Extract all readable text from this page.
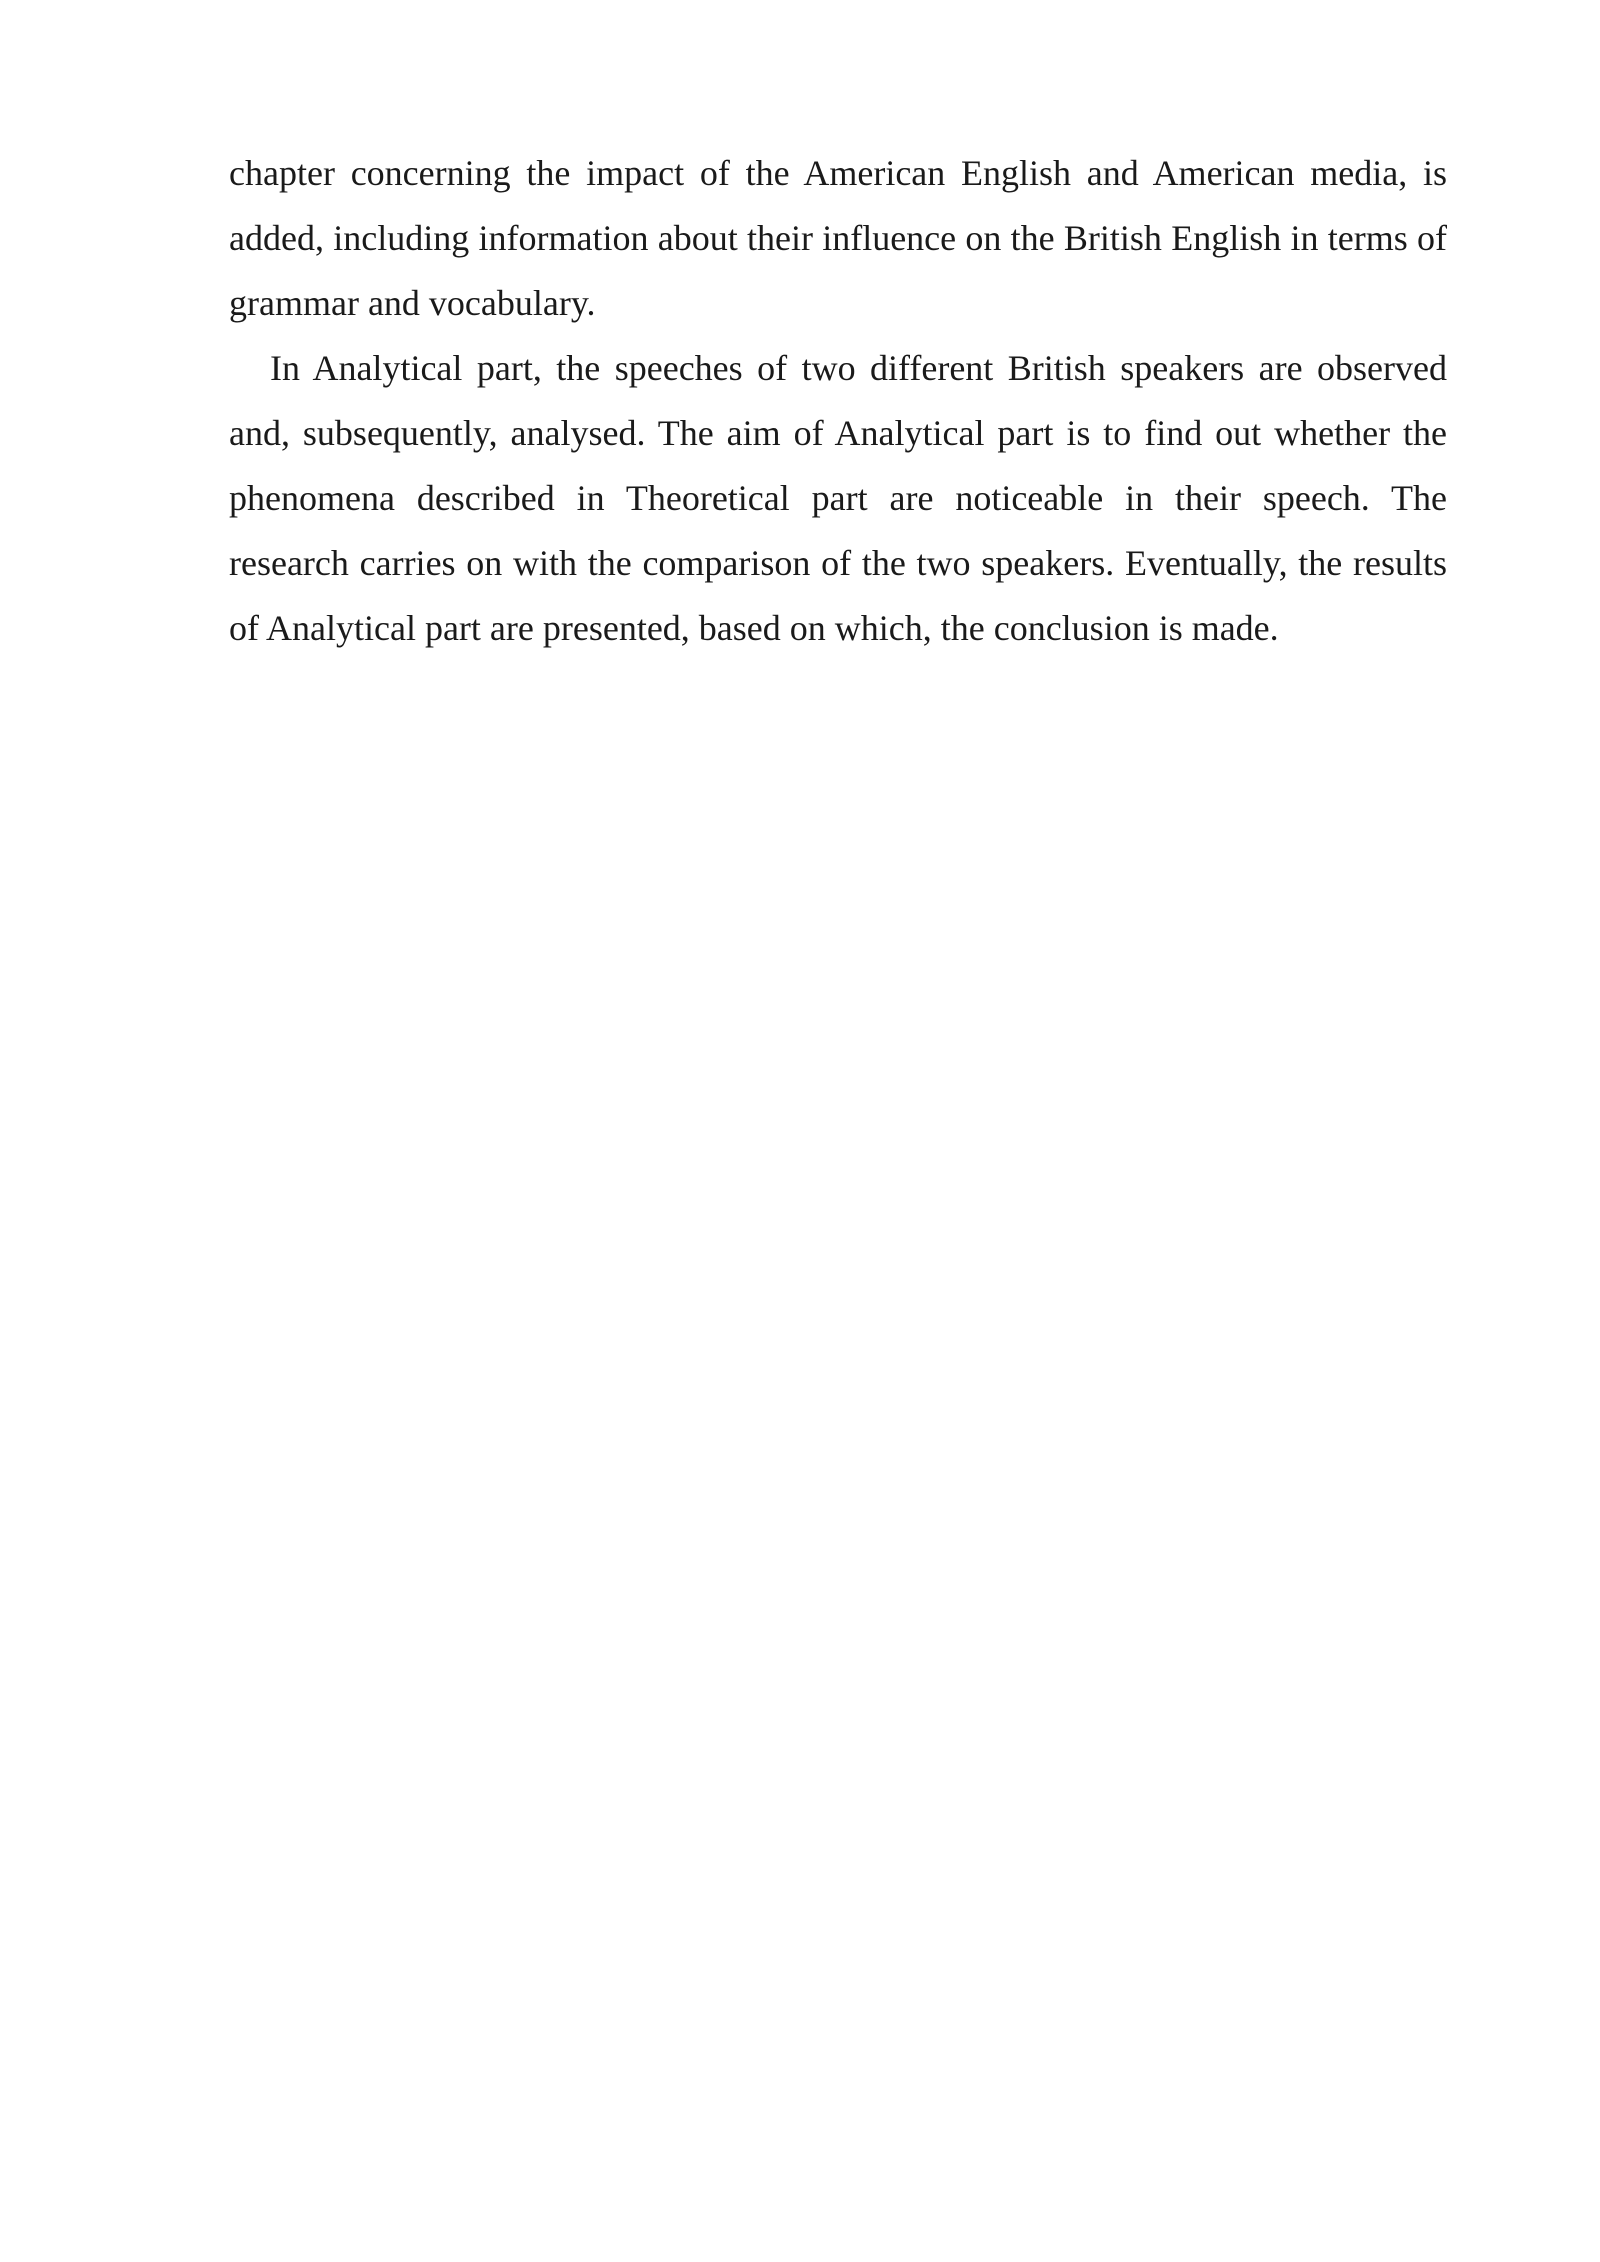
chapter concerning the impact of the American English and American media, is added, including information about their influence on the British English in terms of grammar and vocabulary.

In Analytical part, the speeches of two different British speakers are observed and, subsequently, analysed. The aim of Analytical part is to find out whether the phenomena described in Theoretical part are noticeable in their speech. The research carries on with the comparison of the two speakers. Eventually, the results of Analytical part are presented, based on which, the conclusion is made.
